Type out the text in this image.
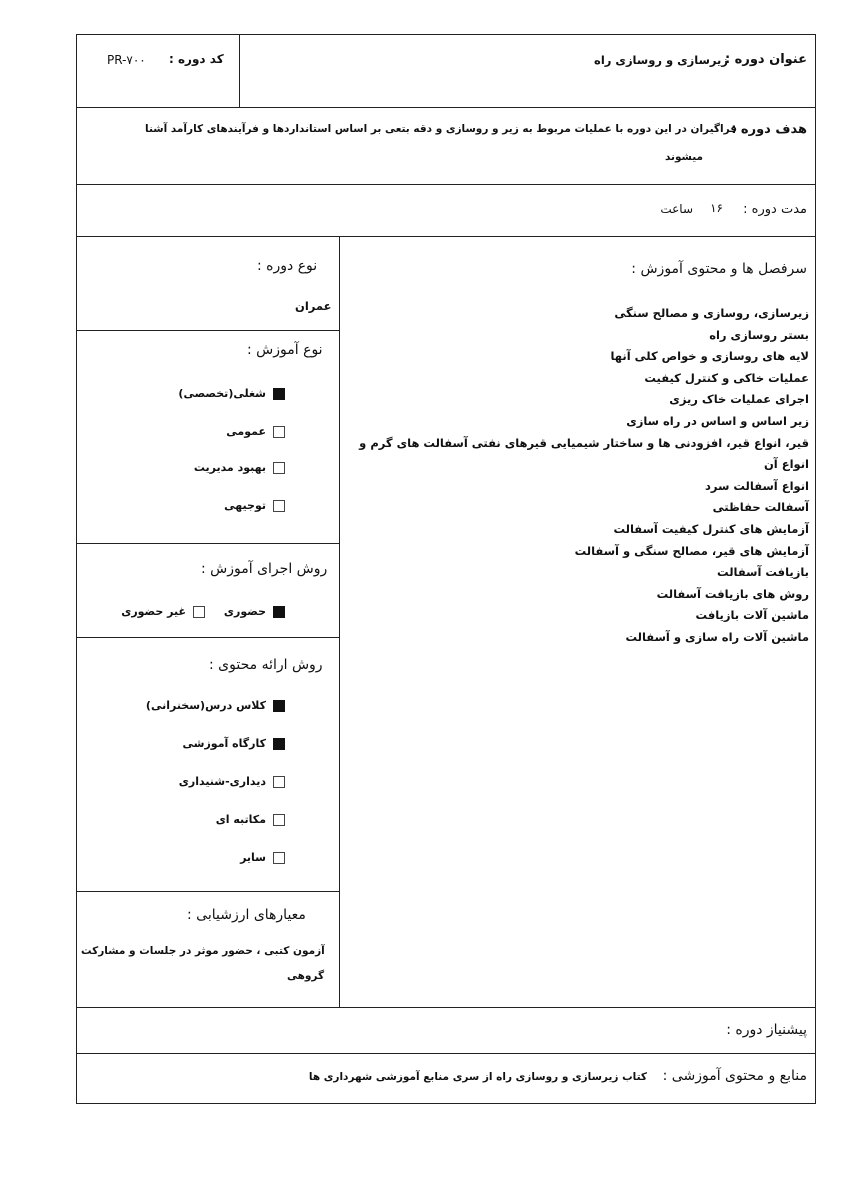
عنوان دوره :
زیرسازی و روسازی راه
کد دوره :
PR-۷۰۰
هدف دوره :
فراگیران در این دوره با عملیات مربوط به زیر و روسازی و دقه بتعی بر اساس استاندارد‌ها و فرآیند‌های کارآمد آشنا
میشوند
مدت دوره :
۱۶
ساعت
سرفصل ها و محتوی آموزش :
زیرسازی، روسازی و مصالح سنگی
بستر روسازی راه
لایه های روسازی و خواص کلی آنها
عملیات خاکی و کنترل کیفیت
اجرای عملیات خاک ریزی
زیر اساس و اساس در راه سازی
قیر، انواع قیر، افزودنی ها و ساختار شیمیایی قیرهای نفتی آسفالت های گرم و
انواع آن
انواع آسفالت سرد
آسفالت حفاظتی
آزمایش های کنترل کیفیت آسفالت
آزمایش های قیر، مصالح سنگی و آسفالت
بازیافت آسفالت
روش های بازیافت آسفالت
ماشین آلات بازیافت
ماشین آلات راه سازی و آسفالت
نوع دوره :
عمران
نوع آموزش :
شغلی(تخصصی)
عمومی
بهبود مدیریت
توجیهی
روش اجرای آموزش :
حضوری
غیر حضوری
روش ارائه محتوی :
کلاس درس(سخنرانی)
کارگاه آموزشی
دیداری-شنیداری
مکاتبه ای
سایر
معیارهای ارزشیابی :
آزمون کتبی ، حضور موثر در جلسات و مشارکت
گروهی
پیشنیاز دوره :
منابع و محتوی آموزشی :
کتاب زیرسازی و روسازی راه از سری منابع آموزشی شهرداری ها
